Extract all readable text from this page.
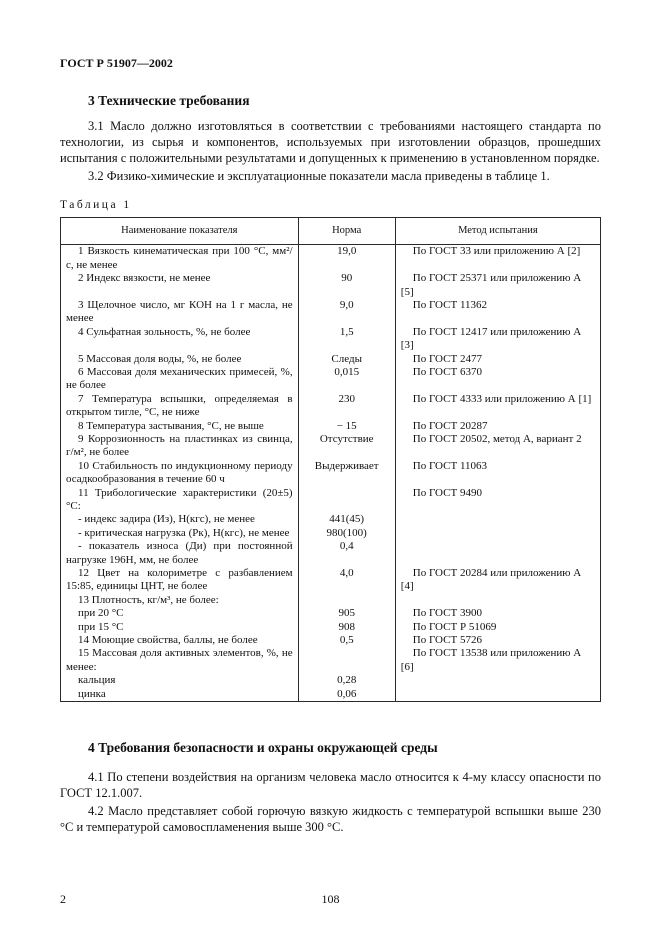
ГОСТ Р 51907—2002
3 Технические требования

3.1 Масло должно изготовляться в соответствии с требованиями настоящего стандарта по технологии, из сырья и компонентов, используемых при изготовлении образцов, прошедших испытания с положительными результатами и допущенных к применению в установленном порядке.

3.2 Физико-химические и эксплуатационные показатели масла приведены в таблице 1.

Таблица 1
Наименование показателя	Норма	Метод испытания
1 Вязкость кинематическая при 100 °С, мм²/с, не менее	19,0	По ГОСТ 33 или приложению А [2]
2 Индекс вязкости, не менее	90	По ГОСТ 25371 или приложению А [5]
3 Щелочное число, мг КОН на 1 г масла, не менее	9,0	По ГОСТ 11362
4 Сульфатная зольность, %, не более	1,5	По ГОСТ 12417 или приложению А [3]
5 Массовая доля воды, %, не более	Следы	По ГОСТ 2477
6 Массовая доля механических примесей, %, не более	0,015	По ГОСТ 6370
7 Температура вспышки, определяемая в открытом тигле, °С, не ниже	230	По ГОСТ 4333 или приложению А [1]
8 Температура застывания, °С, не выше	− 15	По ГОСТ 20287
9 Коррозионность на пластинках из свинца, г/м², не более	Отсутствие	По ГОСТ 20502, метод А, вариант 2
10 Стабильность по индукционному периоду осадкообразования в течение 60 ч	Выдерживает	По ГОСТ 11063
11 Трибологические характеристики (20±5) °С:		По ГОСТ 9490
- индекс задира (Из), Н(кгс), не менее	441(45)	
- критическая нагрузка (Рк), Н(кгс), не менее	980(100)	
- показатель износа (Ди) при постоянной нагрузке 196Н, мм, не более	0,4	
12 Цвет на колориметре с разбавлением 15:85, единицы ЦНТ, не более	4,0	По ГОСТ 20284 или приложению А [4]
13 Плотность, кг/м³, не более:		
при 20 °С	905	По ГОСТ 3900
при 15 °С	908	По ГОСТ Р 51069
14 Моющие свойства, баллы, не более	0,5	По ГОСТ 5726
15 Массовая доля активных элементов, %, не менее:		По ГОСТ 13538 или приложению А [6]
кальция	0,28	
цинка	0,06	
4 Требования безопасности и охраны окружающей среды

4.1 По степени воздействия на организм человека масло относится к 4-му классу опасности по ГОСТ 12.1.007.

4.2 Масло представляет собой горючую вязкую жидкость с температурой вспышки выше 230 °С и температурой самовоспламенения выше 300 °С.

2	108
